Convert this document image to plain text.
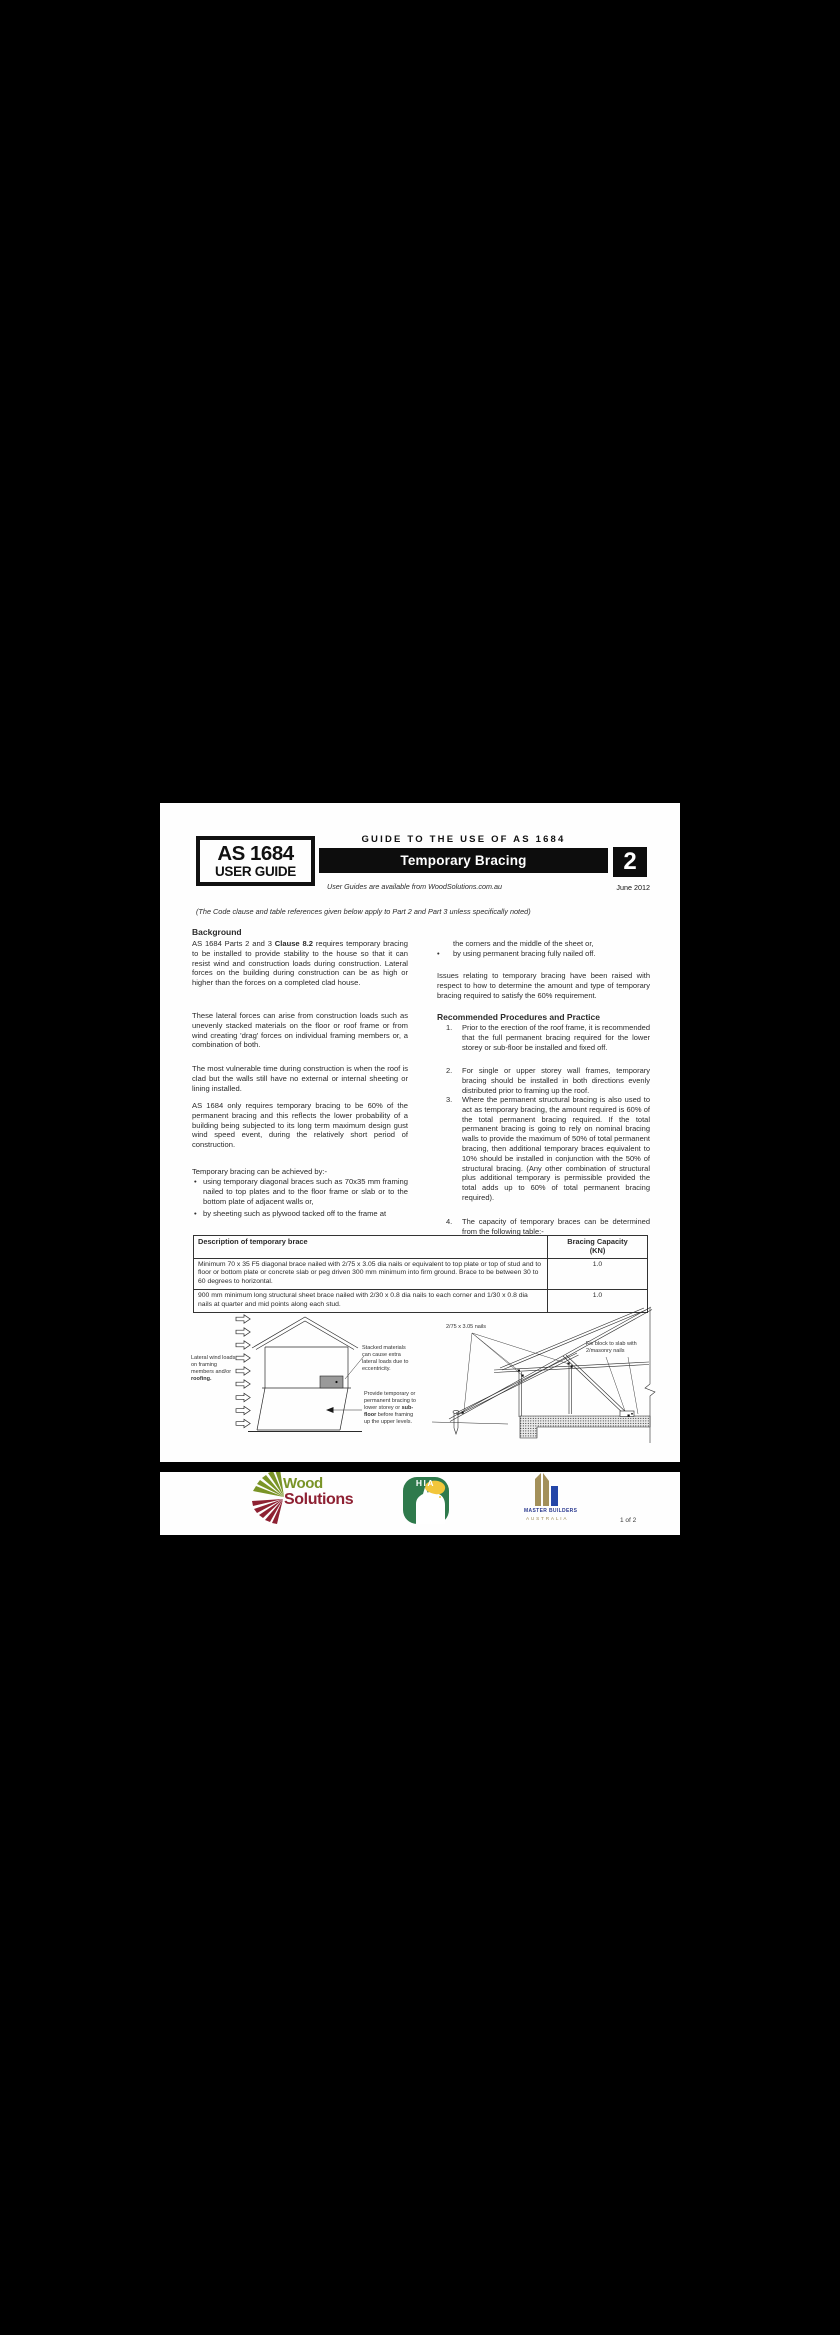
AS 1684
USER GUIDE
GUIDE TO THE USE OF AS 1684
Temporary Bracing	2
User Guides are available from WoodSolutions.com.au	June 2012
(The Code clause and table references given below apply to Part 2 and Part 3 unless specifically noted)
Background
AS 1684 Parts 2 and 3 Clause 8.2 requires temporary bracing to be installed to provide stability to the house so that it can resist wind and construction loads during construction. Lateral forces on the building during construction can be as high or higher than the forces on a completed clad house.
These lateral forces can arise from construction loads such as unevenly stacked materials on the floor or roof frame or from wind creating 'drag' forces on individual framing members or, a combination of both.
The most vulnerable time during construction is when the roof is clad but the walls still have no external or internal sheeting or lining installed.
AS 1684 only requires temporary bracing to be 60% of the permanent bracing and this reflects the lower probability of a building being subjected to its long term maximum design gust wind speed event, during the relatively short period of construction.
Temporary bracing can be achieved by:-
• using temporary diagonal braces such as 70x35 mm framing nailed to top plates and to the floor frame or slab or to the bottom plate of adjacent walls or,
• by sheeting such as plywood tacked off to the frame at
the corners and the middle of the sheet or,
• by using permanent bracing fully nailed off.
Issues relating to temporary bracing have been raised with respect to how to determine the amount and type of temporary bracing required to satisfy the 60% requirement.
Recommended Procedures and Practice
1. Prior to the erection of the roof frame, it is recommended that the full permanent bracing required for the lower storey or sub-floor be installed and fixed off.
2. For single or upper storey wall frames, temporary bracing should be installed in both directions evenly distributed prior to framing up the roof.
3. Where the permanent structural bracing is also used to act as temporary bracing, the amount required is 60% of the total permanent bracing required. If the total permanent bracing is going to rely on nominal bracing walls to provide the maximum of 50% of total permanent bracing, then additional temporary braces equivalent to 10% should be installed in conjunction with the 50% of structural bracing. (Any other combination of structural plus additional temporary is permissible provided the total adds up to 60% of total permanent bracing required).
4. The capacity of temporary braces can be determined from the following table:-
Description of temporary brace	Bracing Capacity
(KN)

Minimum 70 x 35 F5 diagonal brace nailed with 2/75 x 3.05 dia nails or equivalent to top plate or top of stud and to floor or bottom plate or concrete slab or peg driven 300 mm minimum into firm ground. Brace to be between 30 to 60 degrees to horizontal.	1.0
900 mm minimum long structural sheet brace nailed with 2/30 x 0.8 dia nails to each corner and 1/30 x 0.8 dia nails at quarter and mid points along each stud.	1.0
Lateral wind loads on framing members and/or roofing.
Stacked materials can cause extra lateral loads due to eccentricity.
Provide temporary or permanent bracing to lower storey or sub-floor before framing up the upper levels.
2/75 x 3.05 nails
Fix block to slab with 2/masonry nails
Wood
Solutions
HIA
MASTER BUILDERS
AUSTRALIA	1 of 2
